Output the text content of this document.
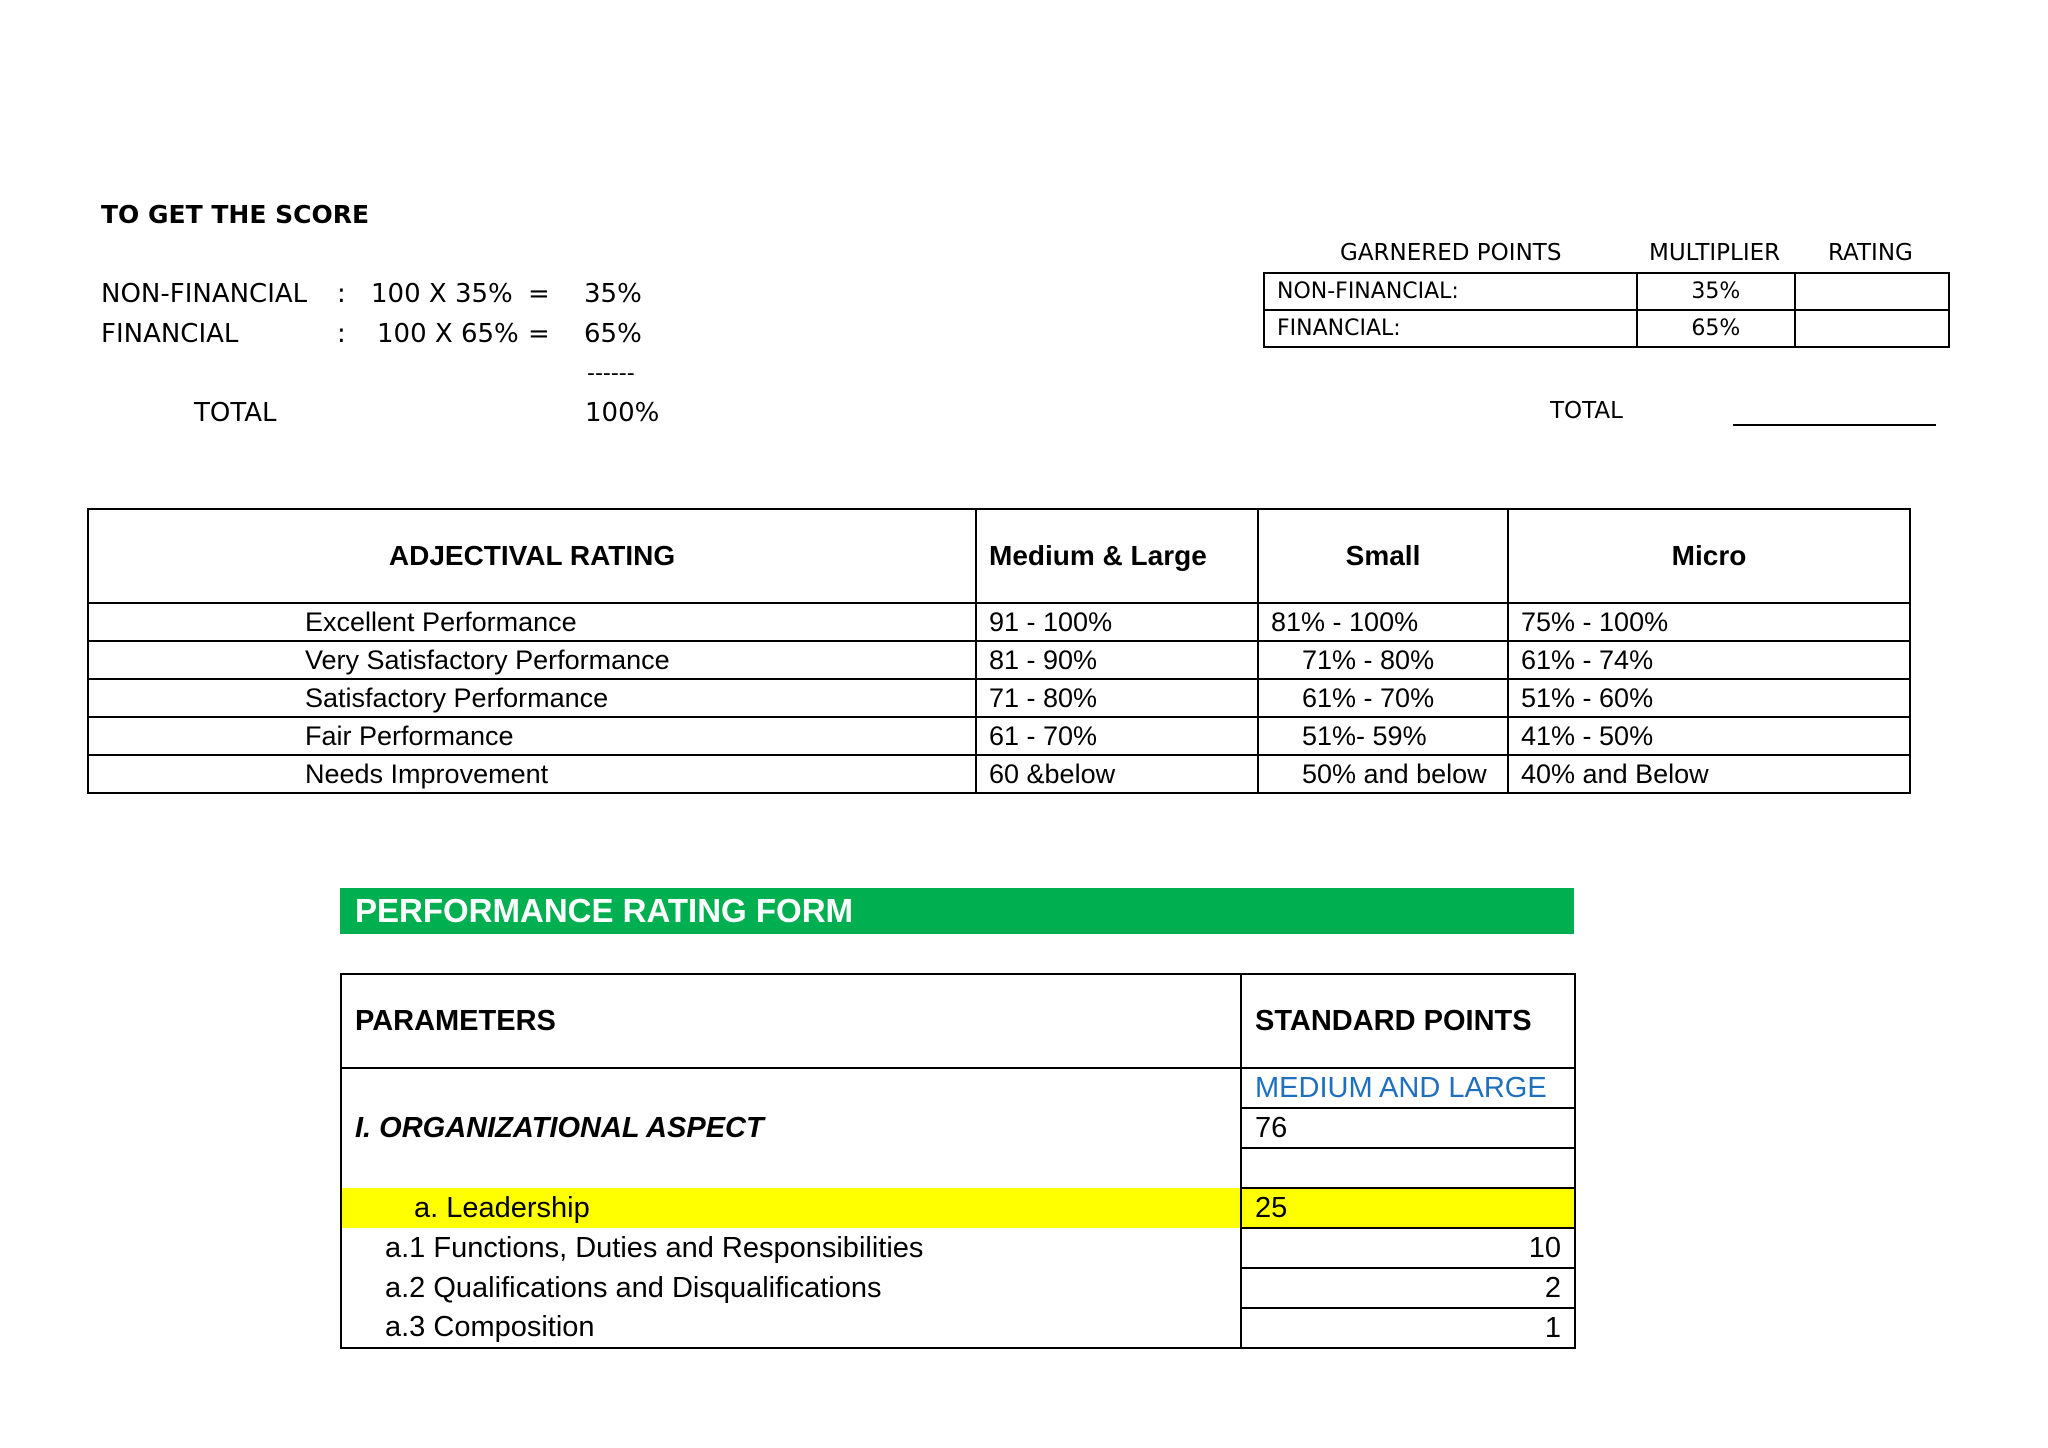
TO GET THE SCORE
NON-FINANCIAL : 100 X 35% = 35%
FINANCIAL	: 100 X 65% = 65%
------
TOTAL	100%
GARNERED POINTS	MULTIPLIER RATING
NON-FINANCIAL:	35%	
FINANCIAL:	65%	
TOTAL
ADJECTIVAL RATING	Medium & Large	Small	Micro
Excellent Performance	91 - 100%	81% - 100%	75% - 100%
Very Satisfactory Performance	81 - 90%	71% - 80%	61% - 74%
Satisfactory Performance	71 - 80%	61% - 70%	51% - 60%
Fair Performance	61 - 70%	51%- 59%	41% - 50%
Needs Improvement	60 &below	50% and below	40% and Below
PERFORMANCE RATING FORM
PARAMETERS	STANDARD POINTS
I. ORGANIZATIONAL ASPECT	MEDIUM AND LARGE
	76

a. Leadership	25
a.1 Functions, Duties and Responsibilities	10
a.2 Qualifications and Disqualifications	2
a.3 Composition	1
